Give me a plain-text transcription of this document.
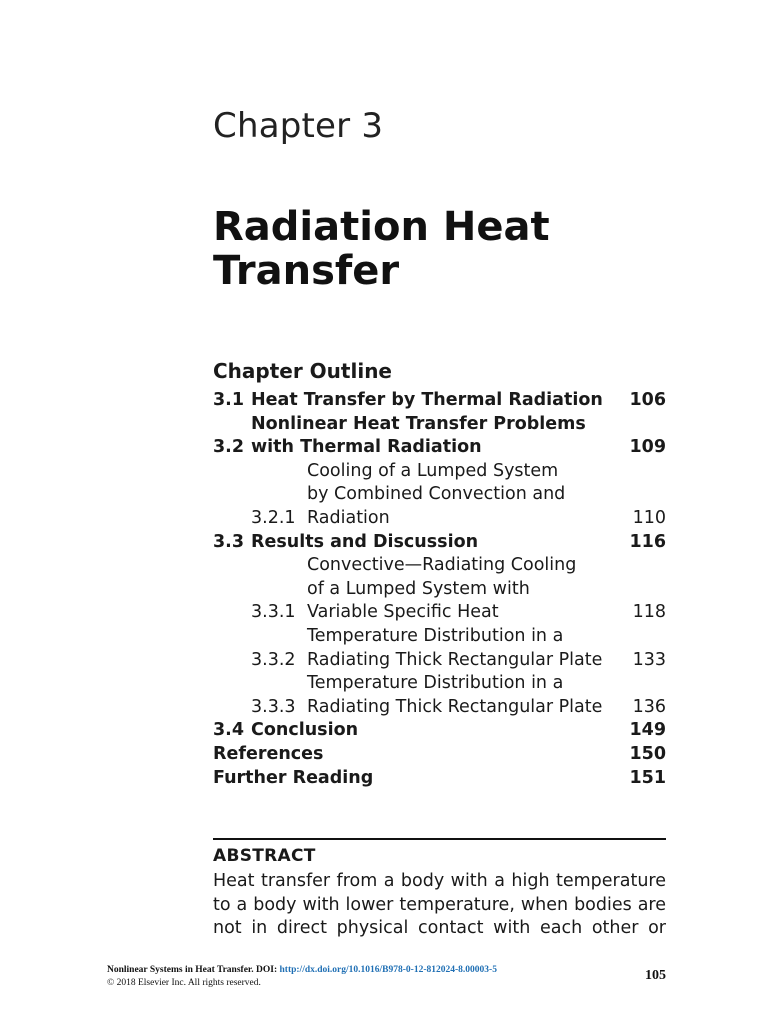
Chapter 3
Radiation Heat
Transfer
Chapter Outline
3.1 Heat Transfer by Thermal Radiation	106
3.2
Nonlinear Heat Transfer Problems
with Thermal Radiation	109
3.2.1
Cooling of a Lumped System
by Combined Convection and
Radiation	110
3.3 Results and Discussion	116
3.3.1
Convective—Radiating Cooling
of a Lumped System with
Variable Specific Heat	118
3.3.2
Temperature Distribution in a
Radiating Thick Rectangular Plate	133
3.3.3
Temperature Distribution in a
Radiating Thick Rectangular Plate	136
3.4 Conclusion	149
References	150
Further Reading	151
ABSTRACT
Heat transfer from a body with a high temperature
to a body with lower temperature, when bodies are
not in direct physical contact with each other or
Nonlinear Systems in Heat Transfer. DOI: http://dx.doi.org/10.1016/B978-0-12-812024-8.00003-5
© 2018 Elsevier Inc. All rights reserved.	105
